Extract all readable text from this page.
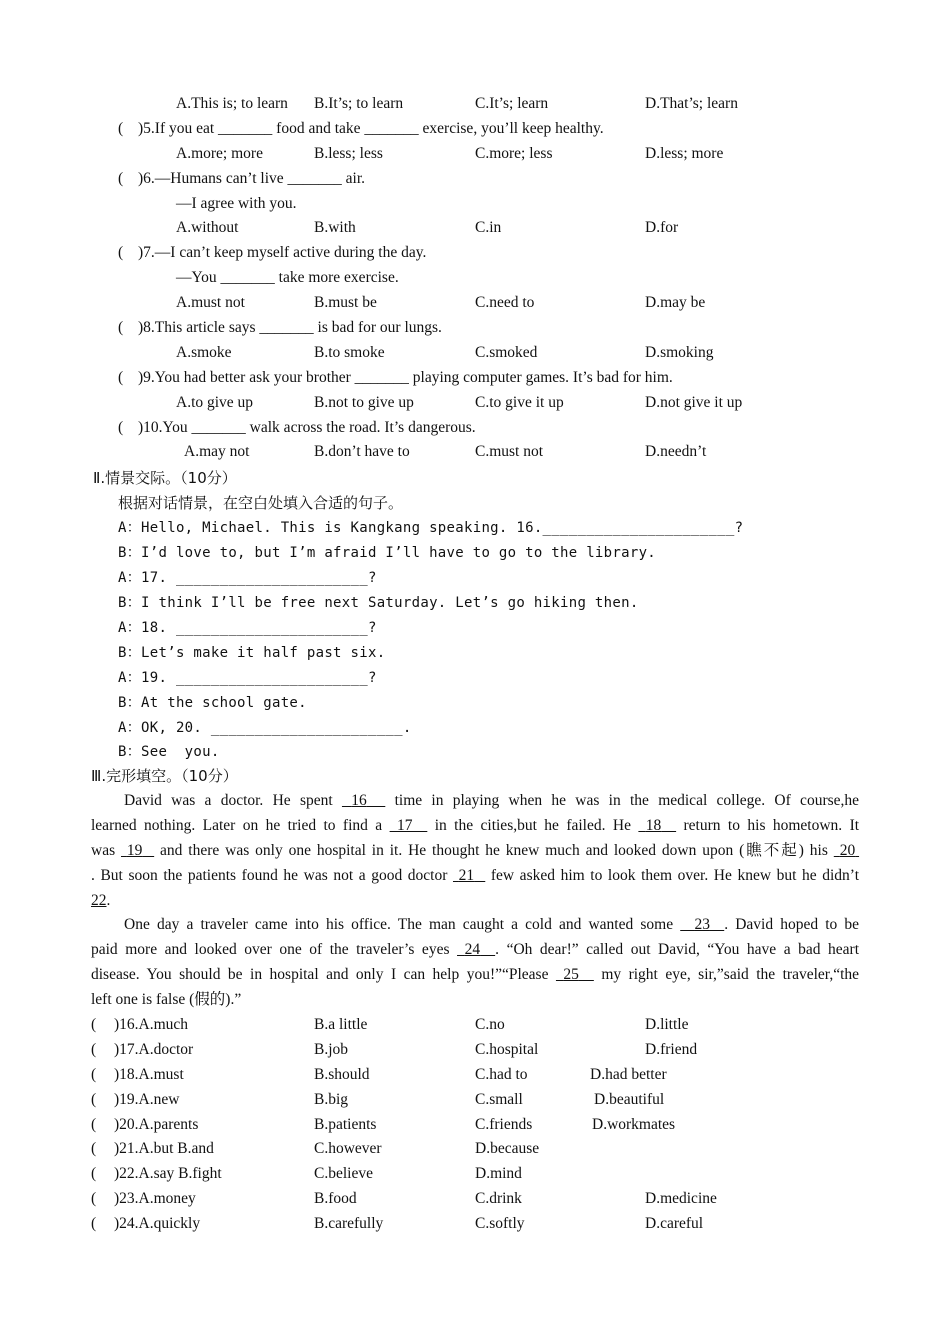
A.This is; to learn B.It’s; to learn	C.It’s; learn	D.That’s; learn
( )5.If you eat _______ food and take _______ exercise, you’ll keep healthy.
A.more; more	B.less; less	C.more; less	D.less; more
( )6.—Humans can’t live _______ air.
—I agree with you.
A.without	B.with	C.in	D.for
( )7.—I can’t keep myself active during the day.
—You _______ take more exercise.
A.must not	B.must be	C.need to	D.may be
( )8.This article says _______ is bad for our lungs.
A.smoke	B.to smoke	C.smoked	D.smoking
( )9.You had better ask your brother _______ playing computer games. It’s bad for him.
A.to give up	B.not to give up	C.to give it up	D.not give it up
( )10.You _______ walk across the road. It’s dangerous.
A.may not	B.don’t have to	C.must not	D.needn’t
Ⅱ.情景交际。（10分）
根据对话情景，在空白处填入合适的句子。
A：Hello, Michael. This is Kangkang speaking. 16.______________________?
B：I’d love to, but I’m afraid I’ll have to go to the library.
A：17. ______________________?
B：I think I’ll be free next Saturday. Let’s go hiking then.
A：18. ______________________?
B：Let’s make it half past six.
A：19. ______________________?
B：At the school gate.
A：OK, 20. ______________________.
B：See  you.
Ⅲ.完形填空。（10分）
David was a doctor. He spent 16 time in playing when he was in the medical college. Of course,he
learned nothing. Later on he tried to find a 17 in the cities,but he failed. He 18 return to his hometown. It
was 19 and there was only one hospital in it. He thought he knew much and looked down upon (瞧不起) his 20
. But soon the patients found he was not a good doctor 21 few asked him to look them over. He knew but he didn’t
22.
One day a traveler came into his office. The man caught a cold and wanted some 23 . David hoped to be
paid more and looked over one of the traveler’s eyes 24 . “Oh dear!” called out David, “You have a bad heart
disease. You should be in hospital and only I can help you!”“Please 25 my right eye, sir,”said the traveler,“the
left one is false (假的).”
( )16.A.much	B.a little	C.no	D.little
( )17.A.doctor	B.job	C.hospital	D.friend
( )18.A.must	B.should	C.had to	D.had better
( )19.A.new	B.big	C.small	D.beautiful
( )20.A.parents	B.patients	C.friends	D.workmates
( )21.A.but B.and	C.however	D.because
( )22.A.say B.fight	C.believe	D.mind
( )23.A.money	B.food	C.drink	D.medicine
( )24.A.quickly	B.carefully	C.softly	D.careful
